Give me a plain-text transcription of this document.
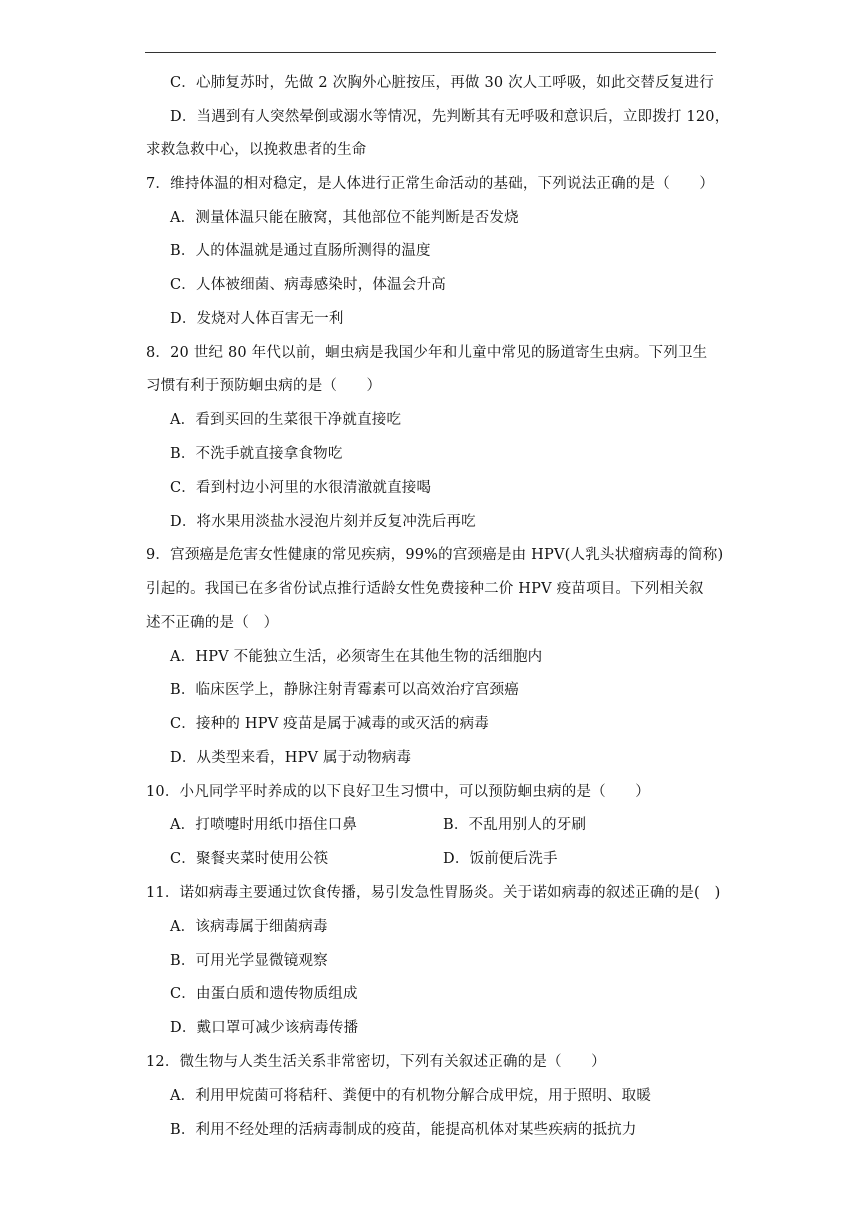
C．心肺复苏时，先做 2 次胸外心脏按压，再做 30 次人工呼吸，如此交替反复进行
D．当遇到有人突然晕倒或溺水等情况，先判断其有无呼吸和意识后，立即拨打 120，
求救急救中心，以挽救患者的生命
7．维持体温的相对稳定，是人体进行正常生命活动的基础，下列说法正确的是（　　）
A．测量体温只能在腋窝，其他部位不能判断是否发烧
B．人的体温就是通过直肠所测得的温度
C．人体被细菌、病毒感染时，体温会升高
D．发烧对人体百害无一利
8．20 世纪 80 年代以前，蛔虫病是我国少年和儿童中常见的肠道寄生虫病。下列卫生
习惯有利于预防蛔虫病的是（　　）
A．看到买回的生菜很干净就直接吃
B．不洗手就直接拿食物吃
C．看到村边小河里的水很清澈就直接喝
D．将水果用淡盐水浸泡片刻并反复冲洗后再吃
9．宫颈癌是危害女性健康的常见疾病，99%的宫颈癌是由 HPV(人乳头状瘤病毒的简称)
引起的。我国已在多省份试点推行适龄女性免费接种二价 HPV 疫苗项目。下列相关叙
述不正确的是（　）
A．HPV 不能独立生活，必须寄生在其他生物的活细胞内
B．临床医学上，静脉注射青霉素可以高效治疗宫颈癌
C．接种的 HPV 疫苗是属于减毒的或灭活的病毒
D．从类型来看，HPV 属于动物病毒
10．小凡同学平时养成的以下良好卫生习惯中，可以预防蛔虫病的是（　　）
A．打喷嚏时用纸巾捂住口鼻	B．不乱用别人的牙刷
C．聚餐夹菜时使用公筷	D．饭前便后洗手
11．诺如病毒主要通过饮食传播，易引发急性胃肠炎。关于诺如病毒的叙述正确的是(　)
A．该病毒属于细菌病毒
B．可用光学显微镜观察
C．由蛋白质和遗传物质组成
D．戴口罩可减少该病毒传播
12．微生物与人类生活关系非常密切，下列有关叙述正确的是（　　）
A．利用甲烷菌可将秸秆、粪便中的有机物分解合成甲烷，用于照明、取暖
B．利用不经处理的活病毒制成的疫苗，能提高机体对某些疾病的抵抗力
